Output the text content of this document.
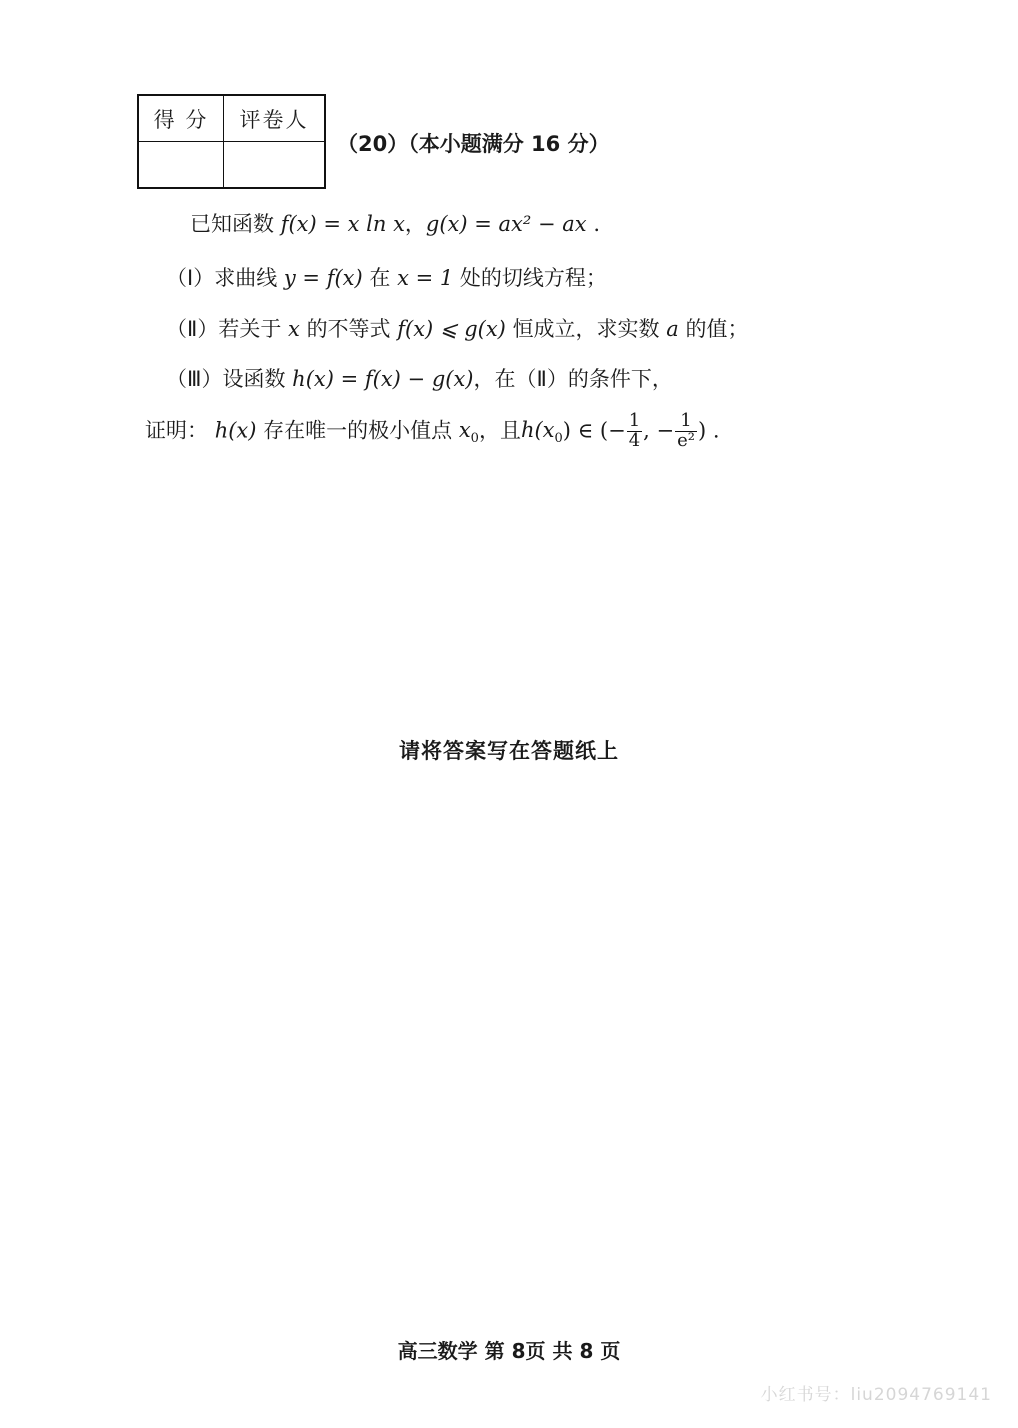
得 分	评卷人

（20）（本小题满分 16 分）
已知函数 f(x) = x ln x，g(x) = ax² − ax .
（Ⅰ）求曲线 y = f(x) 在 x = 1 处的切线方程；
（Ⅱ）若关于 x 的不等式 f(x) ⩽ g(x) 恒成立，求实数 a 的值；
（Ⅲ）设函数 h(x) = f(x) − g(x)，在（Ⅱ）的条件下，
证明： h(x) 存在唯一的极小值点 $x_0$，且$h(x_0)$ ∈ (− $\frac{1}{4}$ , − $\frac{1}{\text{e²}}$ ) .
请将答案写在答题纸上
高三数学 第 8页 共 8 页
小红书号：liu2094769141
